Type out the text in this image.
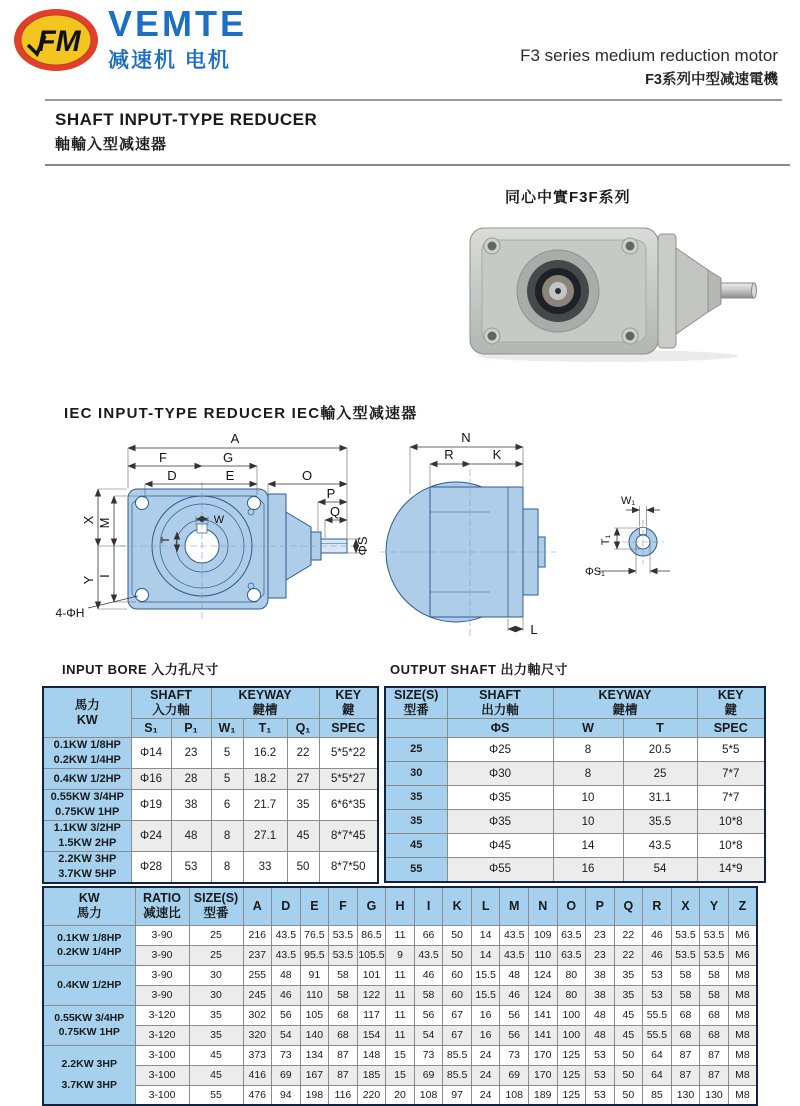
FM VEMTE
减速机 电机	F3 series medium reduction motor
F3系列中型减速電機
SHAFT INPUT-TYPE REDUCER
軸輸入型减速器
同心中實F3F系列
IEC INPUT-TYPE REDUCER IEC輸入型减速器
A
F	G
D	E	O
P
Q
ΦS
X M
Y I
W
T
4-ΦH
N
R	K
L
W₁
T₁
ΦS₁
INPUT BORE 入力孔尺寸	OUTPUT SHAFT 出力軸尺寸
馬力
KW

SHAFT
入力軸

KEYWAY
鍵槽

KEY
鍵

	S₁	P₁	W₁	T₁	Q₁	SPEC

0.1KW 1/8HP
0.2KW 1/4HP	Φ14	23	5	16.2	22	5*5*22

0.4KW 1/2HP	Φ16	28	5	18.2	27	5*5*27

0.55KW 3/4HP
0.75KW 1HP	Φ19	38	6	21.7	35	6*6*35

1.1KW 3/2HP
1.5KW 2HP	Φ24	48	8	27.1	45	8*7*45

2.2KW 3HP
3.7KW 5HP	Φ28	53	8	33	50	8*7*50
SIZE(S)
型番

SHAFT
出力軸

KEYWAY
鍵槽

KEY
鍵

	ΦS	W	T	SPEC
25	Φ25	8	20.5	5*5
30	Φ30	8	25	7*7
35	Φ35	10	31.1	7*7
35	Φ35	10	35.5	10*8
45	Φ45	14	43.5	10*8
55	Φ55	16	54	14*9
KW
馬力

RATIO
减速比

SIZE(S)
型番
	A	D	E	F	G	H	I	K	L	M	N	O	P	Q	R	X	Y	Z

0.1KW 1/8HP
0.2KW 1/4HP	3-90	25	216	43.5	76.5	53.5	86.5	11	66	50	14	43.5	109	63.5	23	22	46	53.5	53.5	M6
	3-90	25	237	43.5	95.5	53.5	105.5	9	43.5	50	14	43.5	110	63.5	23	22	46	53.5	53.5	M6

0.4KW 1/2HP	3-90	30	255	48	91	58	101	11	46	60	15.5	48	124	80	38	35	53	58	58	M8
	3-90	30	245	46	110	58	122	11	58	60	15.5	46	124	80	38	35	53	58	58	M8

0.55KW 3/4HP
0.75KW 1HP	3-120	35	302	56	105	68	117	11	56	67	16	56	141	100	48	45	55.5	68	68	M8
	3-120	35	320	54	140	68	154	11	54	67	16	56	141	100	48	45	55.5	68	68	M8

2.2KW 3HP
3.7KW 3HP	3-100	45	373	73	134	87	148	15	73	85.5	24	73	170	125	53	50	64	87	87	M8
	3-100	45	416	69	167	87	185	15	69	85.5	24	69	170	125	53	50	64	87	87	M8
	3-100	55	476	94	198	116	220	20	108	97	24	108	189	125	53	50	85	130	130	M8
